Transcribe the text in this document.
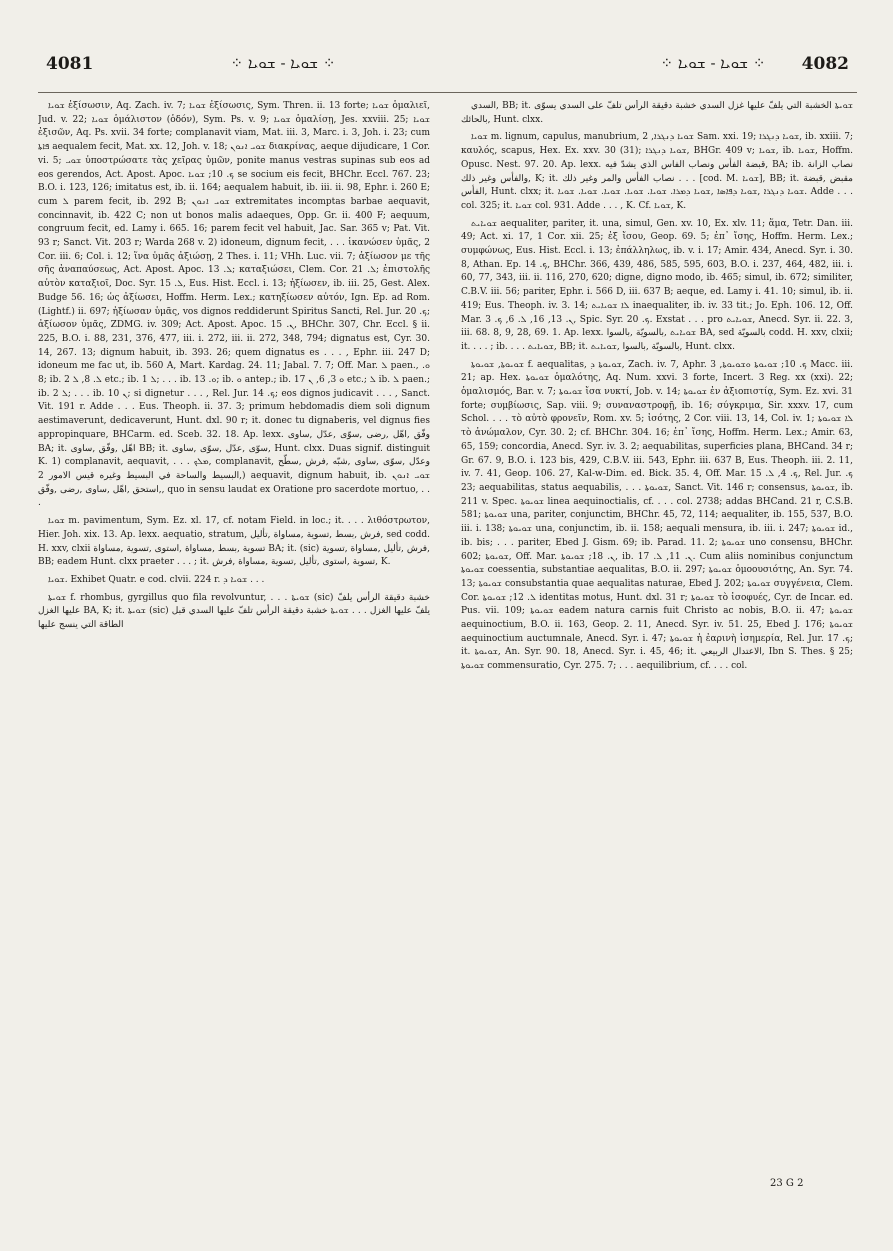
4081	⁘ ܫܘܝܐ - ܫܘܝܐ ⁘	⁘ ܫܘܝܐ - ܫܘܝܐ ⁘	4082

ܫܘܝܐ ἐξίσωσιν, Aq. Zach. iv. 7; ܫܘܝܐ ἐξίσωσις, Sym. Thren. ii. 13 forte; ܫܘܝܐ ὁμαλιεῖ, Jud. v. 22; ܫܘܝܐ ὁμάλιστον (ὁδόν), Sym. Ps. v. 9; ܫܘܝܐ ὁμαλίσῃ, Jes. xxviii. 25; ܫܘܝܐ ἐξισῶν, Aq. Ps. xvii. 34 forte; complanavit viam, Mat. iii. 3, Marc. i. 3, Joh. i. 23; cum ܦܐܬܐ aequalem fecit, Mat. xx. 12, Joh. v. 18; ܫܘܝ ܐܢܘܢ διακρίνας, aeque dijudicare, 1 Cor. vi. 5; ܫܘܝ ὑποστρώσατε τὰς χεῖρας ὑμῶν, ponite manus vestras supinas sub eos ad eos gerendos, Act. Apost. Apoc. ܟ. 10; ܫܘܝܐ se socium eis fecit, BHChr. Eccl. 767. 23; B.O. i. 123, 126; imitatus est, ib. ii. 164; aequalem habuit, ib. iii. ii. 98, Ephr. i. 260 E; cum ܠ parem fecit, ib. 292 B; ܫܘܝ ܐܢܘܢ extremitates incomptas barbae aequavit, concinnavit, ib. 422 C; non ut bonos malis adaeques, Opp. Gr. ii. 400 F; aequum, congruum fecit, ed. Lamy i. 665. 16; parem fecit vel habuit, Jac. Sar. 365 v; Pat. Vit. 93 r; Sanct. Vit. 203 r; Warda 268 v. 2) idoneum, dignum fecit, . . . ἱκανώσεν ὑμᾶς, 2 Cor. iii. 6; Col. i. 12; ἵνα ὑμᾶς ἀξιώσῃ, 2 Thes. i. 11; VHh. Luc. vii. 7; ἀξίωσον με τῆς σῆς ἀναπαύσεως, Act. Apost. Apoc. ܠ. 13; καταξιώσει, Clem. Cor. ܠ. 21; ἐπιστολῆς αὐτὸν καταξιοῖ, Doc. Syr. ܠ. 15, Eus. Hist. Eccl. i. 13; ἠξίωσεν, ib. iii. 25, Gest. Alex. Budge 56. 16; ὡς ἀξίωσει, Hoffm. Herm. Lex.; κατηξίωσεν αὐτόν, Ign. Ep. ad Rom. (Lightf.) ii. 697; ἠξίωσαν ὑμᾶς, vos dignos reddiderunt Spiritus Sancti, Rel. Jur. ܟ. 20; ἀξίωσον ὑμᾶς, ZDMG. iv. 309; Act. Apost. Apoc. ܢ. 15, BHChr. 307, Chr. Eccl. § ii. 225, B.O. i. 88, 231, 376, 477, iii. i. 272, iii. ii. 272, 348, 794; dignatus est, Cyr. 30. 14, 267. 13; dignum habuit, ib. 393. 26; quem dignatus es . . . , Ephr. iii. 247 D; idoneum me fac ut, ib. 560 A, Mart. Kardag. 24. 11; Jabal. 7. 7; Off. Mar. ܠ paen., ܘ. 8; ib. ܠ. 8, ܠ 2 etc.; ib. ܠ 1; . . . ib. ܘ. 13; ib. ܘ antep.; ib. ܘ 3, 6, ܢ 17 etc.; ܠ ib. ܠ paen.; ib. ܠ 2; . . . ib. ܢ 10; si dignetur . . . , Rel. Jur. ܟ. 14; eos dignos judicavit . . . , Sanct. Vit. 191 r. Adde . . . Eus. Theoph. ii. 37. 3; primum hebdomadis diem soli dignum aestimaverunt, dedicaverunt, Hunt. dxl. 90 r; it. donec tu dignaberis, vel dignus fies appropinquare, BHCarm. ed. Sceb. 32. 18. Ap. lexx. وفّق ,اهّل ,رضى ,سوّى ,عدّل ,ساوى BA; it. اهّل ,وفّق ,ساوى BB; it. سوّى ,عدّل ,سوّى ,ساوى, Hunt. clxx. Duas signif. distinguit K. 1) complanavit, aequavit, . . . ܡܠܟ, complanavit, وعدّل ,سوّى ,ساوى ,شبّه ,فرش ,سطّح ,البسيط والساحة في البسيط وغيره قيس الامور 2) aequavit, dignum habuit, ib. ܫܘܝ ܐܢܘܢ ,استحق ,اهّل ,ساوى ,رضى ,وفّق, quo in sensu laudat ex Oratione pro sacerdote mortuo, . . .

ܫܘܝܐ m. pavimentum, Sym. Ez. xl. 17, cf. notam Field. in loc.; it. . . . λιθόστρωτον, Hier. Joh. xix. 13. Ap. lexx. aequatio, stratum, فرش ,بسط ,تسوية ,مساواة ,تأليل, sed codd. H. xxv, clxii تسوية ,بسط ,مساواة ,استوى ,تسوية ,مساواة BA; it. (sic) فرش ,تأليل ,مساواة ,تسوية, BB; eadem Hunt. clxx praeter . . . ; it. تسوية ,استوى ,تأليل ,تسوية ,مساواة ,فرش, K.

ܫܘܝܐ. Exhibet Quatr. e cod. clvii. 224 r. ܫܘܝܐ ܕ . . .

ܫܘܝܬܐ f. rhombus, gyrgillus quo fila revolvuntur, . . . ܫܘܝܬܐ (sic) خشبة دقيقة الرأس يلفّ عليها الغزل BA, K; it. ܫܘܝܬܐ (sic) يلفّ عليها الغزل . . . ܫܘܝܬܐ خشبة دقيقة الرأس تلفّ عليها السدي قبل الطاقة التي ينسج عليها

السدي, BB; it. ܫܘܝܬܐ الخشبة التي يلفّ عليها غزل السدي خشبة دقيقة الرأس تلفّ على السدي يسوّى بالحائك, Hunt. clxx.

ܫܘܝܐ m. lignum, capulus, manubrium, ܫܘܝܐ ܕܢܓܪܐ, 2 Sam. xxi. 19; ܫܘܝܐ ܕܢܓܪܐ, ib. xxiii. 7; καυλός, scapus, Hex. Ex. xxv. 30 (31); ܫܘܝܐ ܕܢܓܪܐ, BHGr. 409 v; ܫܘܝܐ, ib. ܫܘܝܐ, Hoffm. Opusc. Nest. 97. 20. Ap. lexx. قبضة الفأس ونصاب الفاس الذي يشدّ فيه, BA; ib. نصاب الزانة والفأس وغير ذلك, K; it. نصاب الفأس والمر وغير ذلك . . . [cod. M. ܫܘܝܐ], BB; it. مقبض ,قبضة الفأس, Hunt. clxx; it. ܫܘܝܐ ܕܢܓܪܐ ,ܫܘܝܐ ܕܦܐܣܐ ,ܫܘܝܐ ܕܡܪܐ. ܫܘܝܐ. ܫܘܝܐ. ܫܘܝܐ. ܫܘܝܐ. ܫܘܝܐ. Adde . . . col. 325; it. ܫܘܝܐ col. 931. Adde . . . , K. Cf. ܫܘܝܐ, K.

ܫܘܝܐܝܬ aequaliter, pariter, it. una, simul, Gen. xv. 10, Ex. xlv. 11; ἅμα, Tetr. Dan. iii. 49; Act. xi. 17, 1 Cor. xii. 25; ἐξ ἴσου, Geop. 69. 5; ἐπ᾽ ἴσης, Hoffm. Herm. Lex.; συμφώνως, Eus. Hist. Eccl. i. 13; ἐπάλληλως, ib. v. i. 17; Amir. 434, Aneсd. Syr. i. 30. 8, Athan. Ep. ܟ. 14, BHChr. 366, 439, 486, 585, 595, 603, B.O. i. 237, 464, 482, iii. i. 60, 77, 343, iii. ii. 116, 270, 620; digne, digno modo, ib. 465; simul, ib. 672; similiter, C.B.V. iii. 56; pariter, Ephr. i. 566 D, iii. 637 B; aeque, ed. Lamy i. 41. 10; simul, ib. ii. 419; Eus. Theoph. iv. 3. 14; ܠܐ ܫܘܝܐܝܬ inaequaliter, ib. iv. 33 tit.; Jo. Eph. 106. 12, Off. Mar. ܢ. 13, 16, ܠ. 6, ܟ. 3, Spic. Syr. ܟ. 20. Exstat . . . pro ܫܘܝܐܝܬ, Aneсd. Syr. ii. 22. 3, iii. 68. 8, 9, 28, 69. 1. Ap. lexx. ܫܘܝܐܝܬ ,بالسويّة ,بالسوا BA, sed بالسويّة codd. H. xxv, clxii; it. . . . ; ib. . . . ܫܘܝܐܝܬ, BB; it. بالسويّة ,بالسوا ,ܫܘܝܐܝܬ, Hunt. clxx.

ܫܘܝܘܬܐ, ܫܘܝܘܬܐ f. aequalitas, ܫܘܝܘܬܐ ܕ, Zach. iv. 7, Aphr. ܟ. 10; ܫܘܝܘܬܐ ܘܫܘܝܘܬܐ, 3 Macc. iii. 21; ap. Hex. ܫܘܝܘܬܐ ὁμαλότης, Aq. Num. xxvi. 3 forte, Incert. 3 Reg. xx (xxi). 22; ὁμαλισμός, Bar. v. 7; ܫܘܝܘܬܐ ἴσα νυκτί, Job. v. 14; ܫܘܝܘܬܐ ἐν ἀξιοπιστίᾳ, Sym. Ez. xvi. 31 forte; συμβίωσις, Sap. viii. 9; συναναστροφῇ, ib. 16; σύγκριμα, Sir. xxxv. 17, cum Schol. . . . τὸ αὐτὸ φρονεῖν, Rom. xv. 5; ἰσότης, 2 Cor. viii. 13, 14, Col. iv. 1; ܠܐ ܫܘܝܘܬܐ τὸ ἀνώμαλον, Cyr. 30. 2; cf. BHChr. 304. 16; ἐπ᾽ ἴσης, Hoffm. Herm. Lex.; Amir. 63, 65, 159; concordia, Aneсd. Syr. iv. 3. 2; aequabilitas, superficies plana, BHCand. 34 r; Gr. 67. 9, B.O. i. 123 bis, 429, C.B.V. iii. 543, Ephr. iii. 637 B, Eus. Theoph. iii. 2. 11, iv. 7. 41, Geop. 106. 27, Kal-w-Dim. ed. Bick. 35. 4, Off. Mar. ܟ. 4, ܠ. 15, Rel. Jur. ܟ. 23; aequabilitas, status aequabilis, . . . ܫܘܝܘܬܐ, Sanct. Vit. 146 r; consensus, ܫܘܝܘܬܐ, ib. 211 v. Spec. ܫܘܝܘܬܐ linea aequinoctialis, cf. . . . col. 2738; addas BHCand. 21 r, C.S.B. 581; ܫܘܝܘܬܐ una, pariter, conjunctim, BHChr. 45, 72, 114; aequaliter, ib. 155, 537, B.O. iii. i. 138; ܫܘܝܘܬܐ una, conjunctim, ib. ii. 158; aequali mensura, ib. iii. i. 247; ܫܘܝܘܬܐ id., ib. bis; . . . pariter, Ebed J. Gism. 69; ib. Parad. 11. 2; ܫܘܝܘܬܐ uno consensu, BHChr. 602; ܫܘܝܘܬܐ, Off. Mar. ܢ. 18; ܫܘܝܘܬܐ, ib. ܢ. 11, ܠ. 17. Cum aliis nominibus conjunctum ܫܘܝܘܬܐ coessentia, substantiae aequalitas, B.O. ii. 297; ܫܘܝܘܬܐ ὁμοουσιότης, An. Syr. 74. 13; ܫܘܝܘܬܐ consubstantia quae aequalitas naturae, Ebed J. 202; ܫܘܝܘܬܐ συγγένεια, Clem. Cor. ܠ. 12; ܫܘܝܘܬܐ identitas motus, Hunt. dxl. 31 r; ܫܘܝܘܬܐ τὸ ἰσοφυές, Cyr. de Incar. ed. Pus. vii. 109; ܫܘܝܘܬܐ eadem natura carnis fuit Christo ac nobis, B.O. ii. 47; ܫܘܝܘܬܐ aequinoctium, B.O. ii. 163, Geop. 2. 11, Aneсd. Syr. iv. 51. 25, Ebed J. 176; ܫܘܝܘܬܐ aequinoctium auctumnale, Aneсd. Syr. i. 47; ܫܘܝܘܬܐ ἡ ἐαρινὴ ἰσημερία, Rel. Jur. ܟ. 17; it. ܫܘܝܘܬܐ, An. Syr. 90. 18, Aneсd. Syr. i. 45, 46; it. الاعتدال الربيعي, Ibn S. Thes. § 25; ܫܘܝܘܬܐ commensuratio, Cyr. 275. 7; . . . aequilibrium, cf. . . . col.

23 G 2
